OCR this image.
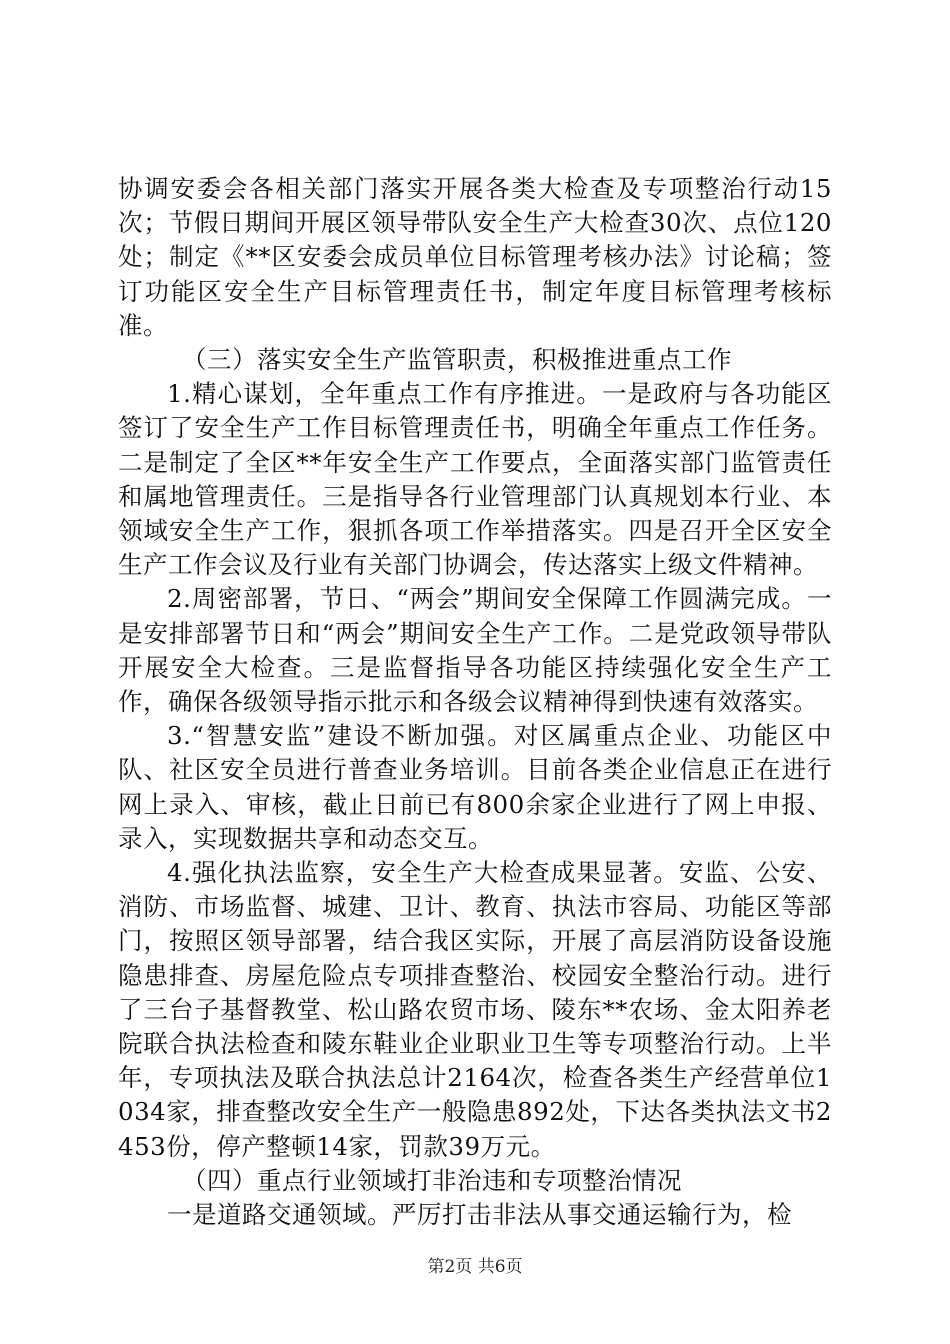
协调安委会各相关部门落实开展各类大检查及专项整治行动15次；节假日期间开展区领导带队安全生产大检查30次、点位120处；制定《**区安委会成员单位目标管理考核办法》讨论稿；签订功能区安全生产目标管理责任书，制定年度目标管理考核标准。

（三）落实安全生产监管职责，积极推进重点工作

1.精心谋划，全年重点工作有序推进。一是政府与各功能区签订了安全生产工作目标管理责任书，明确全年重点工作任务。二是制定了全区**年安全生产工作要点，全面落实部门监管责任和属地管理责任。三是指导各行业管理部门认真规划本行业、本领域安全生产工作，狠抓各项工作举措落实。四是召开全区安全生产工作会议及行业有关部门协调会，传达落实上级文件精神。

2.周密部署，节日、“两会”期间安全保障工作圆满完成。一是安排部署节日和“两会”期间安全生产工作。二是党政领导带队开展安全大检查。三是监督指导各功能区持续强化安全生产工作，确保各级领导指示批示和各级会议精神得到快速有效落实。

3.“智慧安监”建设不断加强。对区属重点企业、功能区中队、社区安全员进行普查业务培训。目前各类企业信息正在进行网上录入、审核，截止日前已有800余家企业进行了网上申报、录入，实现数据共享和动态交互。

4.强化执法监察，安全生产大检查成果显著。安监、公安、消防、市场监督、城建、卫计、教育、执法市容局、功能区等部门，按照区领导部署，结合我区实际，开展了高层消防设备设施隐患排查、房屋危险点专项排查整治、校园安全整治行动。进行了三台子基督教堂、松山路农贸市场、陵东**农场、金太阳养老院联合执法检查和陵东鞋业企业职业卫生等专项整治行动。上半年，专项执法及联合执法总计2164次，检查各类生产经营单位1034家，排查整改安全生产一般隐患892处，下达各类执法文书2453份，停产整顿14家，罚款39万元。

（四）重点行业领域打非治违和专项整治情况

一是道路交通领域。严厉打击非法从事交通运输行为，检

第2页 共6页
